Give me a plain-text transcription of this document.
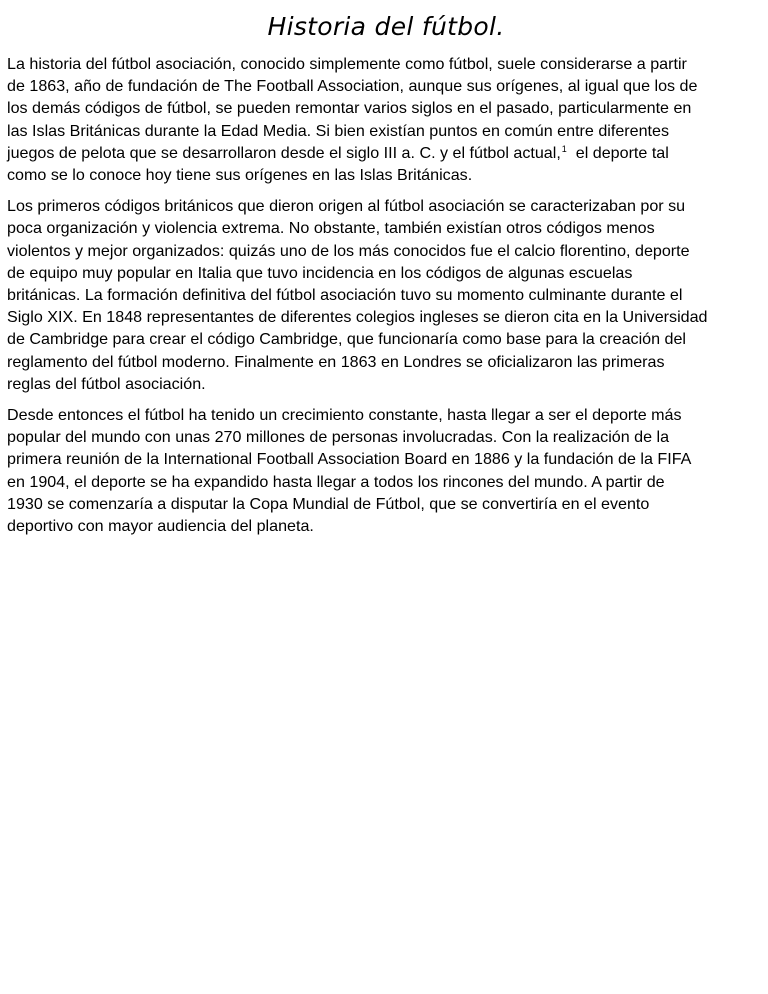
Historia del fútbol.

La historia del fútbol asociación, conocido simplemente como fútbol, suele considerarse a partir
de 1863, año de fundación de The Football Association, aunque sus orígenes, al igual que los de
los demás códigos de fútbol, se pueden remontar varios siglos en el pasado, particularmente en
las Islas Británicas durante la Edad Media. Si bien existían puntos en común entre diferentes
juegos de pelota que se desarrollaron desde el siglo III a. C. y el fútbol actual,$^1$ el deporte tal
como se lo conoce hoy tiene sus orígenes en las Islas Británicas.

Los primeros códigos británicos que dieron origen al fútbol asociación se caracterizaban por su
poca organización y violencia extrema. No obstante, también existían otros códigos menos
violentos y mejor organizados: quizás uno de los más conocidos fue el calcio florentino, deporte
de equipo muy popular en Italia que tuvo incidencia en los códigos de algunas escuelas
británicas. La formación definitiva del fútbol asociación tuvo su momento culminante durante el
Siglo XIX. En 1848 representantes de diferentes colegios ingleses se dieron cita en la Universidad
de Cambridge para crear el código Cambridge, que funcionaría como base para la creación del
reglamento del fútbol moderno. Finalmente en 1863 en Londres se oficializaron las primeras
reglas del fútbol asociación.

Desde entonces el fútbol ha tenido un crecimiento constante, hasta llegar a ser el deporte más
popular del mundo con unas 270 millones de personas involucradas. Con la realización de la
primera reunión de la International Football Association Board en 1886 y la fundación de la FIFA
en 1904, el deporte se ha expandido hasta llegar a todos los rincones del mundo. A partir de
1930 se comenzaría a disputar la Copa Mundial de Fútbol, que se convertiría en el evento
deportivo con mayor audiencia del planeta.
